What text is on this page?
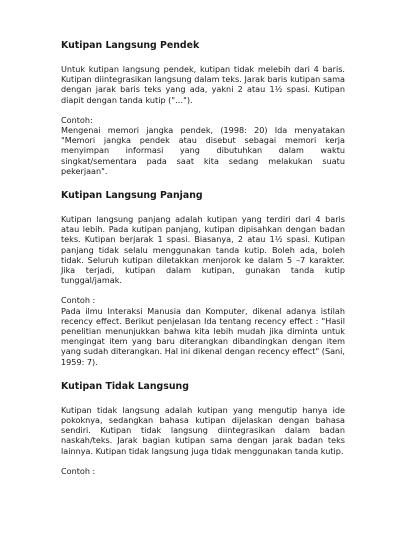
Kutipan Langsung Pendek
Untuk kutipan langsung pendek, kutipan tidak melebih dari 4 baris. Kutipan diintegrasikan langsung dalam teks. Jarak baris kutipan sama dengan jarak baris teks yang ada, yakni 2 atau 1½ spasi. Kutipan diapit dengan tanda kutip ("…").
Contoh:
Mengenai memori jangka pendek, (1998: 20) Ida menyatakan "Memori jangka pendek atau disebut sebagai memori kerja menyimpan informasi yang dibutuhkan dalam waktu singkat/sementara pada saat kita sedang melakukan suatu pekerjaan".
Kutipan Langsung Panjang
Kutipan langsung panjang adalah kutipan yang terdiri dari 4 baris atau lebih. Pada kutipan panjang, kutipan dipisahkan dengan badan teks. Kutipan berjarak 1 spasi. Biasanya, 2 atau 1½ spasi. Kutipan panjang tidak selalu menggunakan tanda kutip. Boleh ada, boleh tidak. Seluruh kutipan diletakkan menjorok ke dalam 5 –7 karakter. Jika terjadi, kutipan dalam kutipan, gunakan tanda kutip tunggal/jamak.
Contoh :
Pada ilmu Interaksi Manusia dan Komputer, dikenal adanya istilah recency effect. Berikut penjelasan Ida tentang recency effect : "Hasil penelitian menunjukkan bahwa kita lebih mudah jika diminta untuk mengingat item yang baru diterangkan dibandingkan dengan item yang sudah diterangkan. Hal ini dikenal dengan recency effect" (Sani, 1959: 7).
Kutipan Tidak Langsung
Kutipan tidak langsung adalah kutipan yang mengutip hanya ide pokoknya, sedangkan bahasa kutipan dijelaskan dengan bahasa sendiri. Kutipan tidak langsung diintegrasikan dalam badan naskah/teks. Jarak bagian kutipan sama dengan jarak badan teks lainnya. Kutipan tidak langsung juga tidak menggunakan tanda kutip.
Contoh :
